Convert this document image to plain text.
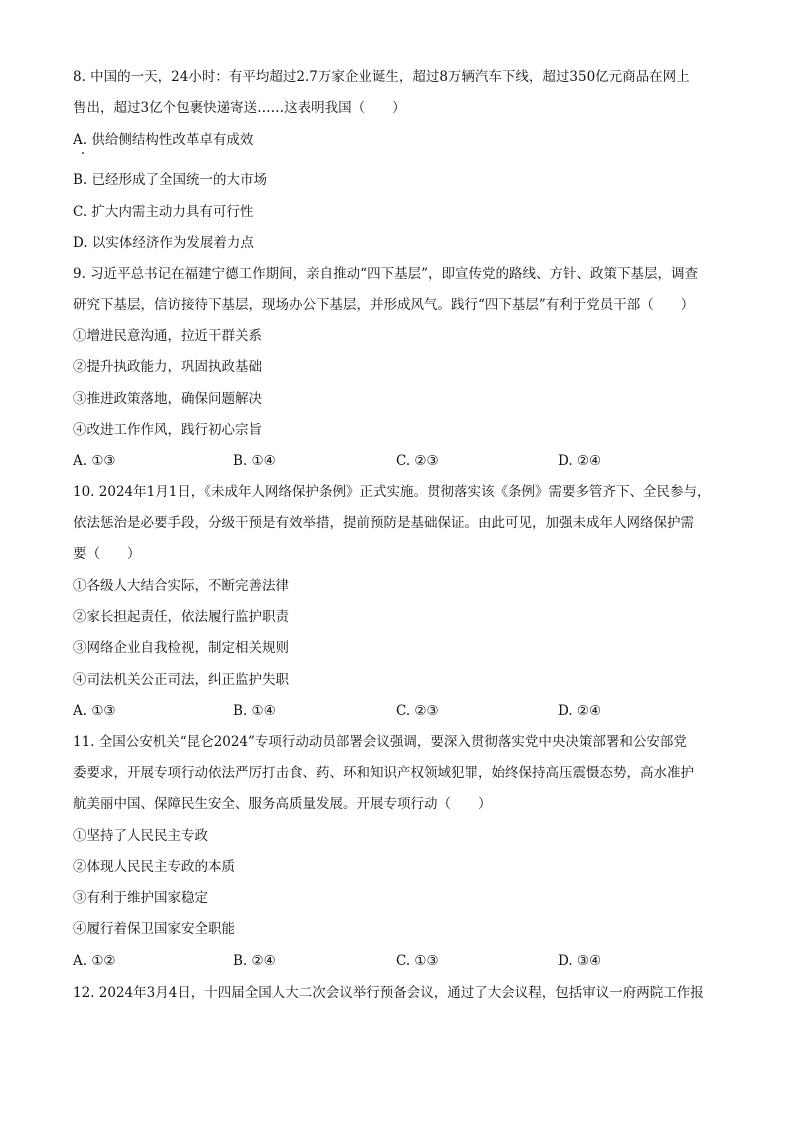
8. 中国的一天，24小时：有平均超过2.7万家企业诞生，超过8万辆汽车下线，超过350亿元商品在网上
售出，超过3亿个包裹快递寄送……这表明我国（　　）
A. 供给侧结构性改革卓有成效
B. 已经形成了全国统一的大市场
C. 扩大内需主动力具有可行性
D. 以实体经济作为发展着力点
9. 习近平总书记在福建宁德工作期间，亲自推动“四下基层”，即宣传党的路线、方针、政策下基层，调查
研究下基层，信访接待下基层，现场办公下基层，并形成风气。践行“四下基层”有利于党员干部（　　）
①增进民意沟通，拉近干群关系
②提升执政能力，巩固执政基础
③推进政策落地，确保问题解决
④改进工作作风，践行初心宗旨
A. ①③	B. ①④	C. ②③	D. ②④
10. 2024年1月1日，《未成年人网络保护条例》正式实施。贯彻落实该《条例》需要多管齐下、全民参与，
依法惩治是必要手段，分级干预是有效举措，提前预防是基础保证。由此可见，加强未成年人网络保护需
要（　　）
①各级人大结合实际，不断完善法律
②家长担起责任，依法履行监护职责
③网络企业自我检视，制定相关规则
④司法机关公正司法，纠正监护失职
A. ①③	B. ①④	C. ②③	D. ②④
11. 全国公安机关“昆仑2024”专项行动动员部署会议强调，要深入贯彻落实党中央决策部署和公安部党
委要求，开展专项行动依法严厉打击食、药、环和知识产权领域犯罪，始终保持高压震慑态势，高水准护
航美丽中国、保障民生安全、服务高质量发展。开展专项行动（　　）
①坚持了人民民主专政
②体现人民民主专政的本质
③有利于维护国家稳定
④履行着保卫国家安全职能
A. ①②	B. ②④	C. ①③	D. ③④
12. 2024年3月4日，十四届全国人大二次会议举行预备会议，通过了大会议程，包括审议一府两院工作报
